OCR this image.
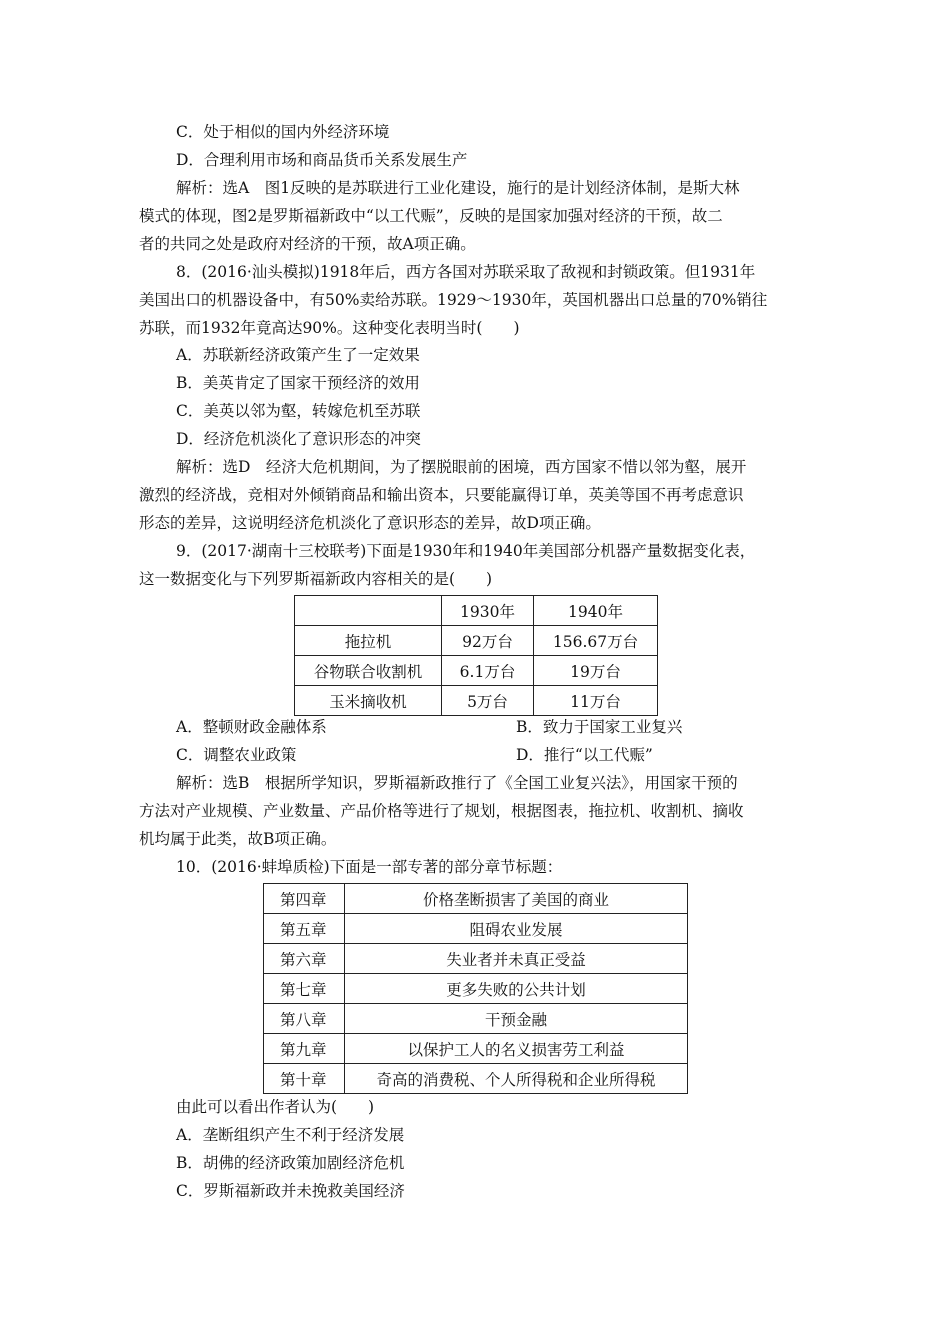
C．处于相似的国内外经济环境
D．合理利用市场和商品货币关系发展生产
解析：选A　图1反映的是苏联进行工业化建设，施行的是计划经济体制，是斯大林
模式的体现，图2是罗斯福新政中“以工代赈”，反映的是国家加强对经济的干预，故二
者的共同之处是政府对经济的干预，故A项正确。
8．(2016·汕头模拟)1918年后，西方各国对苏联采取了敌视和封锁政策。但1931年
美国出口的机器设备中，有50%卖给苏联。1929～1930年，英国机器出口总量的70%销往
苏联，而1932年竟高达90%。这种变化表明当时(　　)
A．苏联新经济政策产生了一定效果
B．美英肯定了国家干预经济的效用
C．美英以邻为壑，转嫁危机至苏联
D．经济危机淡化了意识形态的冲突
解析：选D　经济大危机期间，为了摆脱眼前的困境，西方国家不惜以邻为壑，展开
激烈的经济战，竞相对外倾销商品和输出资本，只要能赢得订单，英美等国不再考虑意识
形态的差异，这说明经济危机淡化了意识形态的差异，故D项正确。
9．(2017·湖南十三校联考)下面是1930年和1940年美国部分机器产量数据变化表，
这一数据变化与下列罗斯福新政内容相关的是(　　)
	1930年	1940年
拖拉机	92万台	156.67万台
谷物联合收割机	6.1万台	19万台
玉米摘收机	5万台	11万台
A．整顿财政金融体系	B．致力于国家工业复兴
C．调整农业政策	D．推行“以工代赈”
解析：选B　根据所学知识，罗斯福新政推行了《全国工业复兴法》，用国家干预的
方法对产业规模、产业数量、产品价格等进行了规划，根据图表，拖拉机、收割机、摘收
机均属于此类，故B项正确。
10．(2016·蚌埠质检)下面是一部专著的部分章节标题：
第四章	价格垄断损害了美国的商业
第五章	阻碍农业发展
第六章	失业者并未真正受益
第七章	更多失败的公共计划
第八章	干预金融
第九章	以保护工人的名义损害劳工利益
第十章	奇高的消费税、个人所得税和企业所得税
由此可以看出作者认为(　　)
A．垄断组织产生不利于经济发展
B．胡佛的经济政策加剧经济危机
C．罗斯福新政并未挽救美国经济
